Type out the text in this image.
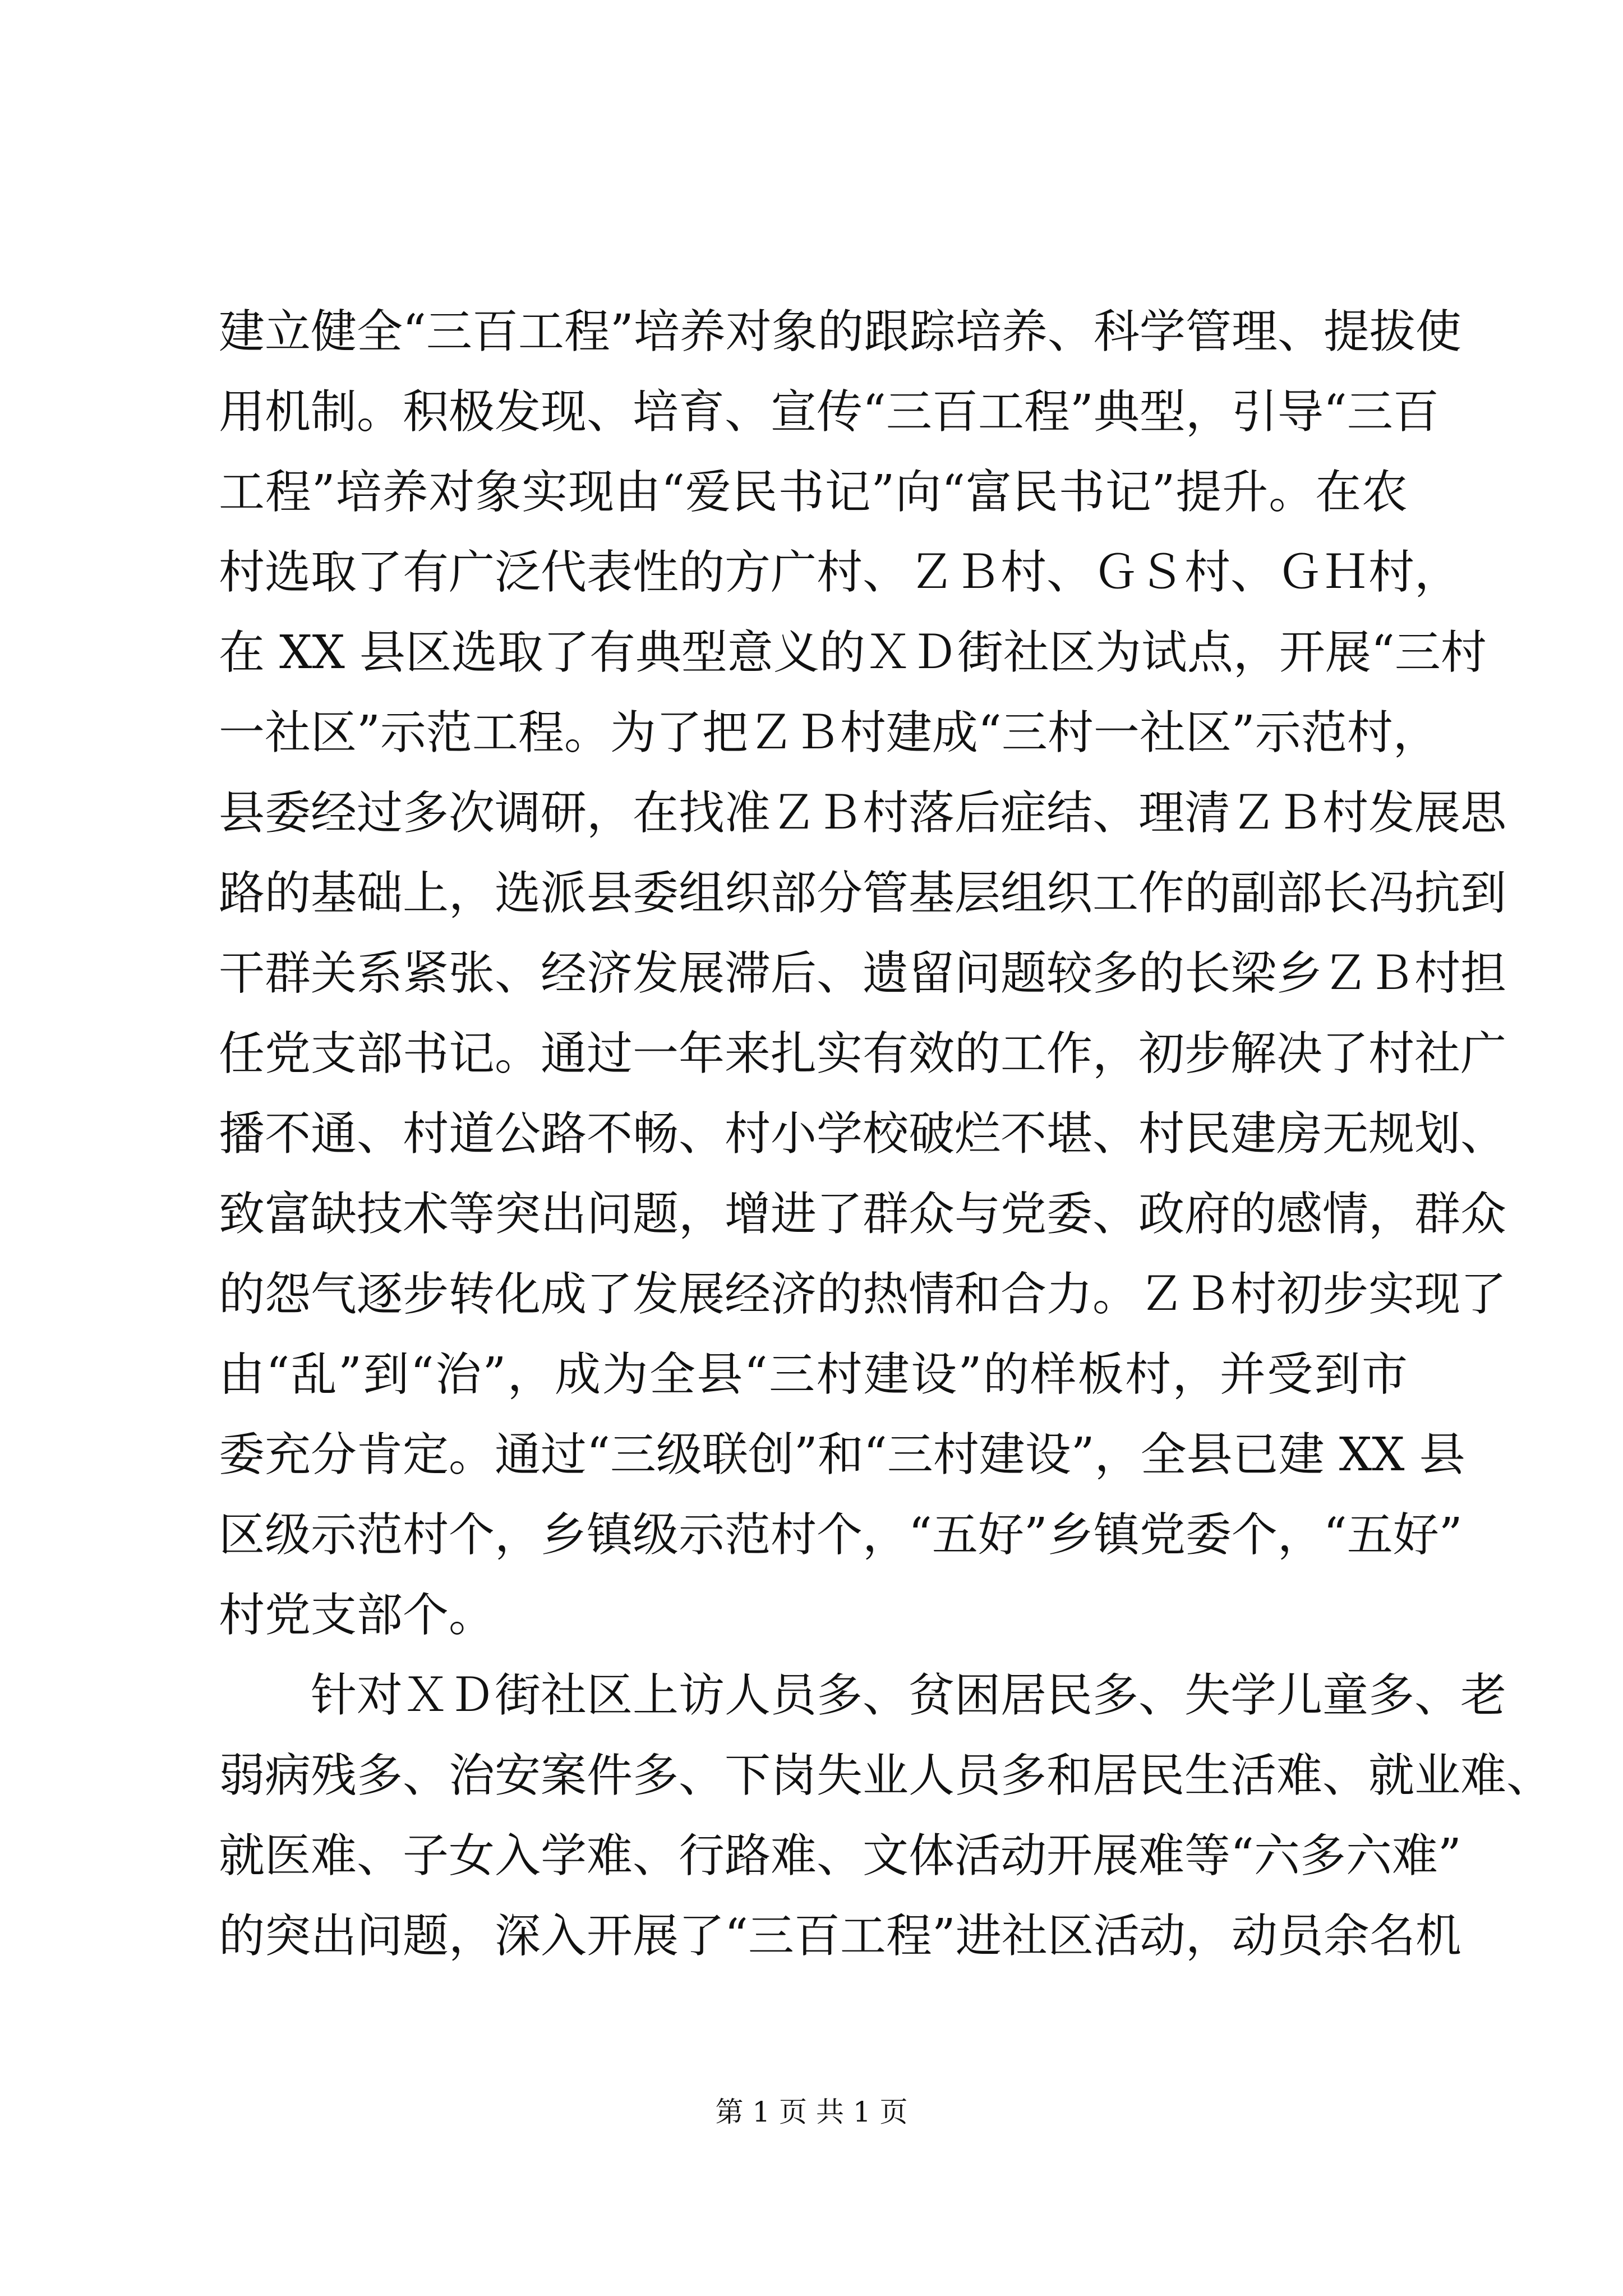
建立健全“三百工程”培养对象的跟踪培养、科学管理、提拔使
用机制。积极发现、培育、宣传“三百工程”典型，引导“三百
工程”培养对象实现由“爱民书记”向“富民书记”提升。在农
村选取了有广泛代表性的方广村、ＺＢ村、ＧＳ村、ＧＨ村，
在 XX 县区选取了有典型意义的ＸＤ街社区为试点，开展“三村
一社区”示范工程。为了把ＺＢ村建成“三村一社区”示范村，
县委经过多次调研，在找准ＺＢ村落后症结、理清ＺＢ村发展思
路的基础上，选派县委组织部分管基层组织工作的副部长冯抗到
干群关系紧张、经济发展滞后、遗留问题较多的长梁乡ＺＢ村担
任党支部书记。通过一年来扎实有效的工作，初步解决了村社广
播不通、村道公路不畅、村小学校破烂不堪、村民建房无规划、
致富缺技术等突出问题，增进了群众与党委、政府的感情，群众
的怨气逐步转化成了发展经济的热情和合力。ＺＢ村初步实现了
由“乱”到“治”，成为全县“三村建设”的样板村，并受到市
委充分肯定。通过“三级联创”和“三村建设”，全县已建 XX 县
区级示范村个，乡镇级示范村个，“五好”乡镇党委个，“五好”
村党支部个。
针对ＸＤ街社区上访人员多、贫困居民多、失学儿童多、老
弱病残多、治安案件多、下岗失业人员多和居民生活难、就业难、
就医难、子女入学难、行路难、文体活动开展难等“六多六难”
的突出问题，深入开展了“三百工程”进社区活动，动员余名机
第 1 页 共 1 页
